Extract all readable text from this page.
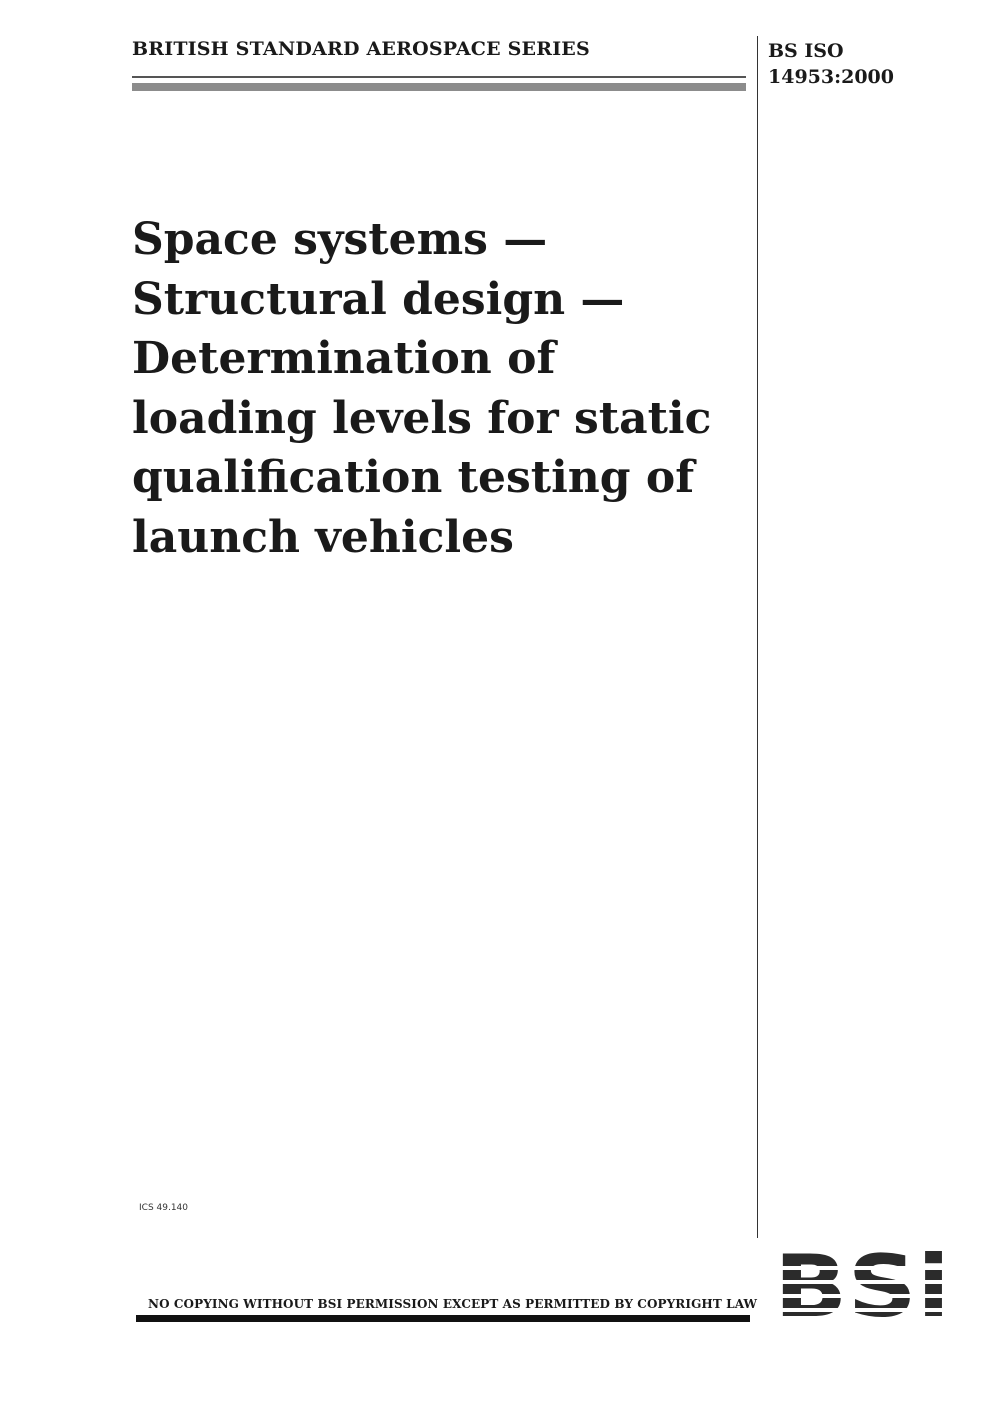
BRITISH STANDARD AEROSPACE SERIES	BS ISO
14953:2000
Space systems —
Structural design —
Determination of
loading levels for static
qualification testing of
launch vehicles
ICS 49.140
NO COPYING WITHOUT BSI PERMISSION EXCEPT AS PERMITTED BY COPYRIGHT LAW
